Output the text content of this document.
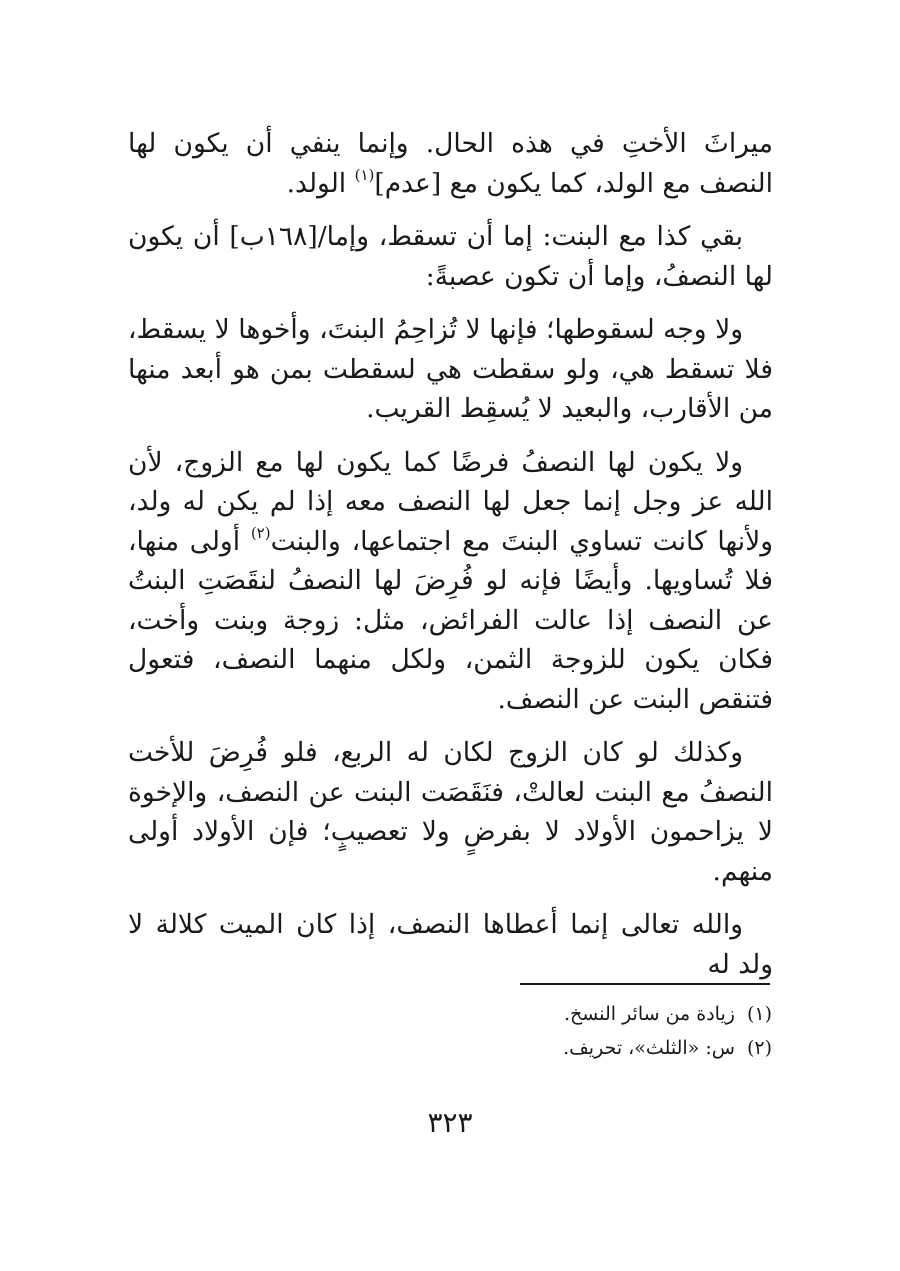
ميراثَ الأختِ في هذه الحال. وإنما ينفي أن يكون لها النصف مع الولد، كما يكون مع [عدم]$^{(١)}$ الولد.

بقي كذا مع البنت: إما أن تسقط، وإما/[١٦٨ب] أن يكون لها النصفُ، وإما أن تكون عصبةً:

ولا وجه لسقوطها؛ فإنها لا تُزاحِمُ البنتَ، وأخوها لا يسقط، فلا تسقط هي، ولو سقطت هي لسقطت بمن هو أبعد منها من الأقارب، والبعيد لا يُسقِط القريب.

ولا يكون لها النصفُ فرضًا كما يكون لها مع الزوج، لأن الله عز وجل إنما جعل لها النصف معه إذا لم يكن له ولد، ولأنها كانت تساوي البنتَ مع اجتماعها، والبنت$^{(٢)}$ أولى منها، فلا تُساويها. وأيضًا فإنه لو فُرِضَ لها النصفُ لنقَصَتِ البنتُ عن النصف إذا عالت الفرائض، مثل: زوجة وبنت وأخت، فكان يكون للزوجة الثمن، ولكل منهما النصف، فتعول فتنقص البنت عن النصف.

وكذلك لو كان الزوج لكان له الربع، فلو فُرِضَ للأخت النصفُ مع البنت لعالتْ، فنَقَصَت البنت عن النصف، والإخوة لا يزاحمون الأولاد لا بفرضٍ ولا تعصيبٍ؛ فإن الأولاد أولى منهم.

والله تعالى إنما أعطاها النصف، إذا كان الميت كلالة لا ولد له

(١)زيادة من سائر النسخ.
(٢)س: «الثلث»، تحريف.
٣٢٣
